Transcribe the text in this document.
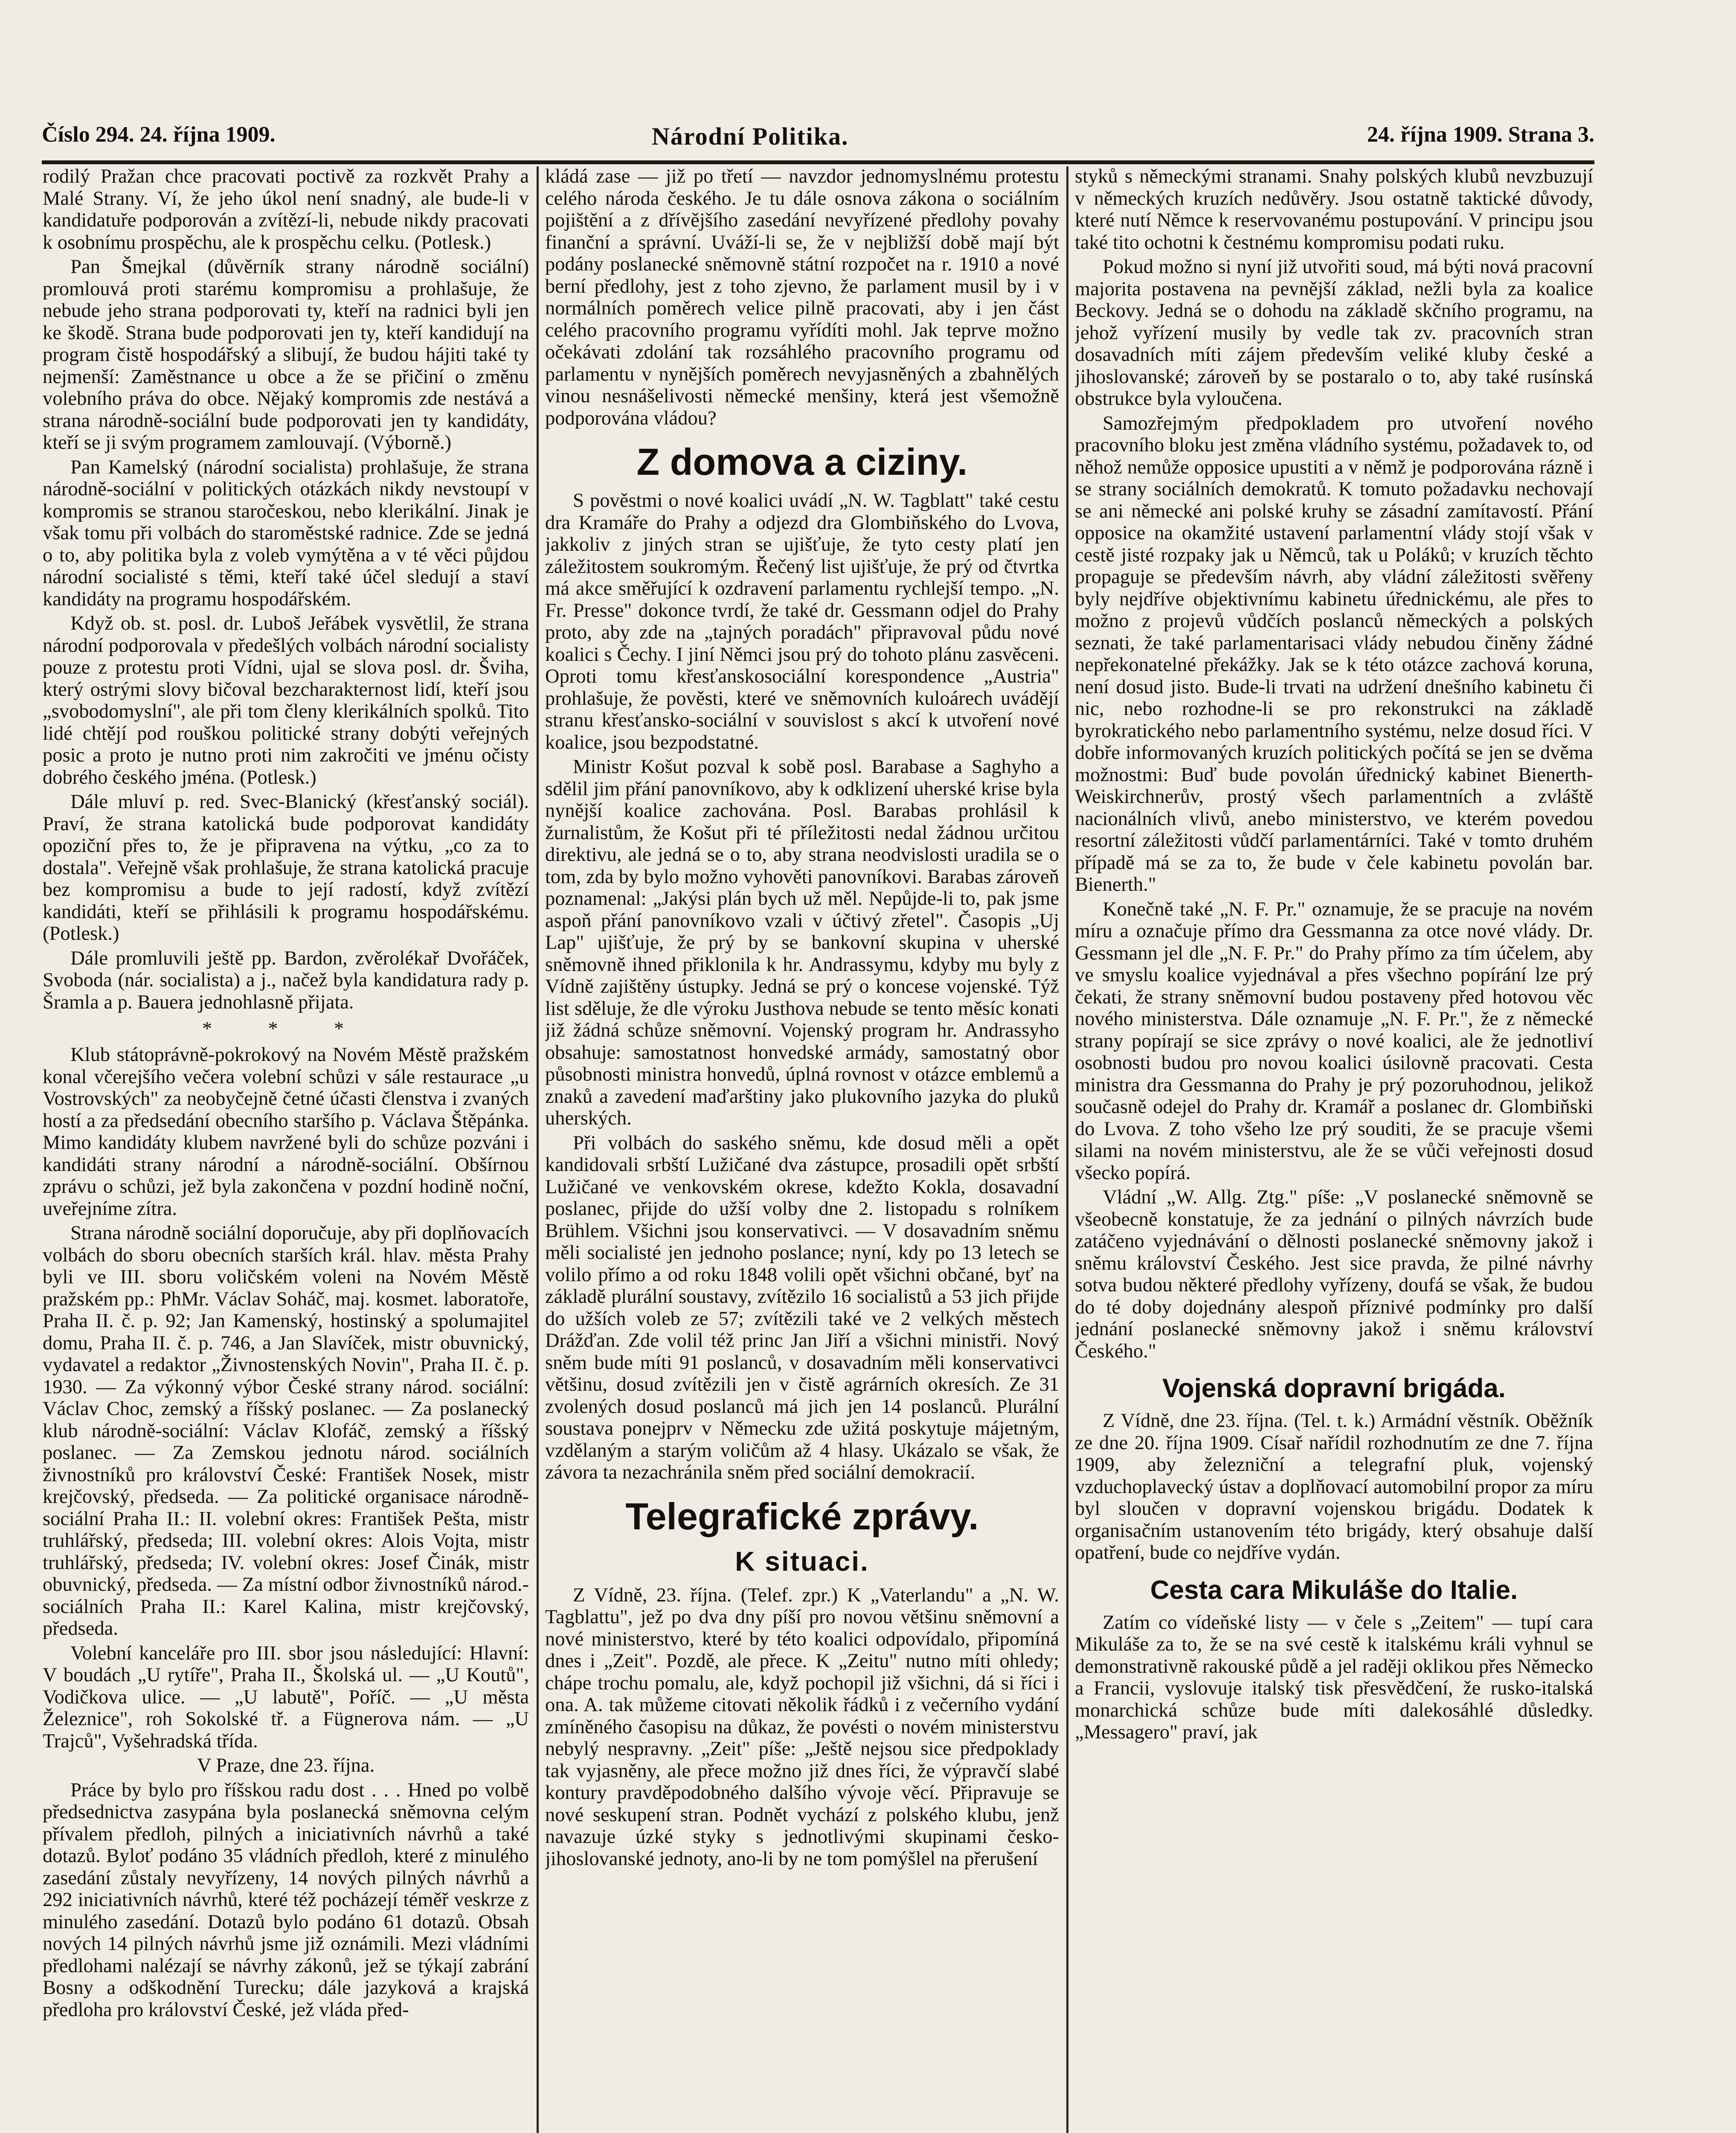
Číslo 294. 24. října 1909.	Národní Politika.	24. října 1909. Strana 3.

rodilý Pražan chce pracovati poctivě za rozkvět Prahy a Malé Strany. Ví, že jeho úkol není snadný, ale bude-li v kandidatuře podporován a zvítězí-li, nebude nikdy pracovati k osobnímu prospěchu, ale k prospěchu celku. (Potlesk.)

Pan Šmejkal (důvěrník strany národně sociální) promlouvá proti starému kompromisu a prohlašuje, že nebude jeho strana podporovati ty, kteří na radnici byli jen ke škodě. Strana bude podporovati jen ty, kteří kandidují na program čistě hospodářský a slibují, že budou hájiti také ty nejmenší: Zaměstnance u obce a že se přičiní o změnu volebního práva do obce. Nějaký kompromis zde nestává a strana národně-sociální bude podporovati jen ty kandidáty, kteří se ji svým programem zamlouvají. (Výborně.)

Pan Kamelský (národní socialista) prohlašuje, že strana národně-sociální v politických otázkách nikdy nevstoupí v kompromis se stranou staročeskou, nebo klerikální. Jinak je však tomu při volbách do staroměstské radnice. Zde se jedná o to, aby politika byla z voleb vymýtěna a v té věci půjdou národní socialisté s těmi, kteří také účel sledují a staví kandidáty na programu hospodářském.

Když ob. st. posl. dr. Luboš Jeřábek vysvětlil, že strana národní podporovala v předešlých volbách národní socialisty pouze z protestu proti Vídni, ujal se slova posl. dr. Šviha, který ostrými slovy bičoval bezcharakternost lidí, kteří jsou „svobodomyslní", ale při tom členy klerikálních spolků. Tito lidé chtějí pod rouškou politické strany dobýti veřejných posic a proto je nutno proti nim zakročiti ve jménu očisty dobrého českého jména. (Potlesk.)

Dále mluví p. red. Svec-Blanický (křesťanský sociál). Praví, že strana katolická bude podporovat kandidáty opoziční přes to, že je připravena na výtku, „co za to dostala". Veřejně však prohlašuje, že strana katolická pracuje bez kompromisu a bude to její radostí, když zvítězí kandidáti, kteří se přihlásili k programu hospodářskému. (Potlesk.)

Dále promluvili ještě pp. Bardon, zvěrolékař Dvořáček, Svoboda (nár. socialista) a j., načež byla kandidatura rady p. Šramla a p. Bauera jednohlasně přijata.

* * *

Klub státoprávně-pokrokový na Novém Městě pražském konal včerejšího večera volební schůzi v sále restaurace „u Vostrovských" za neobyčejně četné účasti členstva i zvaných hostí a za předsedání obecního staršího p. Václava Štěpánka. Mimo kandidáty klubem navržené byli do schůze pozváni i kandidáti strany národní a národně-sociální. Obšírnou zprávu o schůzi, jež byla zakončena v pozdní hodině noční, uveřejníme zítra.

Strana národně sociální doporučuje, aby při doplňovacích volbách do sboru obecních starších král. hlav. města Prahy byli ve III. sboru voličském voleni na Novém Městě pražském pp.: PhMr. Václav Soháč, maj. kosmet. laboratoře, Praha II. č. p. 92; Jan Kamenský, hostinský a spolumajitel domu, Praha II. č. p. 746, a Jan Slavíček, mistr obuvnický, vydavatel a redaktor „Živnostenských Novin", Praha II. č. p. 1930. — Za výkonný výbor České strany národ. sociální: Václav Choc, zemský a říšský poslanec. — Za poslanecký klub národně-sociální: Václav Klofáč, zemský a říšský poslanec. — Za Zemskou jednotu národ. sociálních živnostníků pro království České: František Nosek, mistr krejčovský, předseda. — Za politické organisace národně-sociální Praha II.: II. volební okres: František Pešta, mistr truhlářský, předseda; III. volební okres: Alois Vojta, mistr truhlářský, předseda; IV. volební okres: Josef Činák, mistr obuvnický, předseda. — Za místní odbor živnostníků národ.-sociálních Praha II.: Karel Kalina, mistr krejčovský, předseda.

Volební kanceláře pro III. sbor jsou následující: Hlavní: V boudách „U rytíře", Praha II., Školská ul. — „U Koutů", Vodičkova ulice. — „U labutě", Poříč. — „U města Železnice", roh Sokolské tř. a Fügnerova nám. — „U Trajců", Vyšehradská třída.

V Praze, dne 23. října.

Práce by bylo pro říšskou radu dost . . . Hned po volbě předsednictva zasypána byla poslanecká sněmovna celým přívalem předloh, pilných a iniciativních návrhů a také dotazů. Byloť podáno 35 vládních předloh, které z minulého zasedání zůstaly nevyřízeny, 14 nových pilných návrhů a 292 iniciativních návrhů, které též pocházejí téměř veskrze z minulého zasedání. Dotazů bylo podáno 61 dotazů. Obsah nových 14 pilných návrhů jsme již oznámili. Mezi vládními předlohami nalézají se návrhy zákonů, jež se týkají zabrání Bosny a odškodnění Turecku; dále jazyková a krajská předloha pro království České, jež vláda před-

kládá zase — již po třetí — navzdor jednomyslnému protestu celého národa českého. Je tu dále osnova zákona o sociálním pojištění a z dřívějšího zasedání nevyřízené předlohy povahy finanční a správní. Uváží-li se, že v nejbližší době mají být podány poslanecké sněmovně státní rozpočet na r. 1910 a nové berní předlohy, jest z toho zjevno, že parlament musil by i v normálních poměrech velice pilně pracovati, aby i jen část celého pracovního programu vyřídíti mohl. Jak teprve možno očekávati zdolání tak rozsáhlého pracovního programu od parlamentu v nynějších poměrech nevyjasněných a zbahnělých vinou nesnášelivosti německé menšiny, která jest všemožně podporována vládou?

Z domova a ciziny.

S pověstmi o nové koalici uvádí „N. W. Tagblatt" také cestu dra Kramáře do Prahy a odjezd dra Glombiňského do Lvova, jakkoliv z jiných stran se ujišťuje, že tyto cesty platí jen záležitostem soukromým. Řečený list ujišťuje, že prý od čtvrtka má akce směřující k ozdravení parlamentu rychlejší tempo. „N. Fr. Presse" dokonce tvrdí, že také dr. Gessmann odjel do Prahy proto, aby zde na „tajných poradách" připravoval půdu nové koalici s Čechy. I jiní Němci jsou prý do tohoto plánu zasvěceni. Oproti tomu křesťanskosociální korespondence „Austria" prohlašuje, že pověsti, které ve sněmovních kuloárech uvádějí stranu křesťansko-sociální v souvislost s akcí k utvoření nové koalice, jsou bezpodstatné.

Ministr Košut pozval k sobě posl. Barabase a Saghyho a sdělil jim přání panovníkovo, aby k odklizení uherské krise byla nynější koalice zachována. Posl. Barabas prohlásil k žurnalistům, že Košut při té příležitosti nedal žádnou určitou direktivu, ale jedná se o to, aby strana neodvislosti uradila se o tom, zda by bylo možno vyhověti panovníkovi. Barabas zároveň poznamenal: „Jakýsi plán bych už měl. Nepůjde-li to, pak jsme aspoň přání panovníkovo vzali v účtivý zřetel". Časopis „Uj Lap" ujišťuje, že prý by se bankovní skupina v uherské sněmovně ihned přiklonila k hr. Andrassymu, kdyby mu byly z Vídně zajištěny ústupky. Jedná se prý o koncese vojenské. Týž list sděluje, že dle výroku Justhova nebude se tento měsíc konati již žádná schůze sněmovní. Vojenský program hr. Andrassyho obsahuje: samostatnost honvedské armády, samostatný obor působnosti ministra honvedů, úplná rovnost v otázce emblemů a znaků a zavedení maďarštiny jako plukovního jazyka do pluků uherských.

Při volbách do saského sněmu, kde dosud měli a opět kandidovali srbští Lužičané dva zástupce, prosadili opět srbští Lužičané ve venkovském okrese, kdežto Kokla, dosavadní poslanec, přijde do užší volby dne 2. listopadu s rolníkem Brühlem. Všichni jsou konservativci. — V dosavadním sněmu měli socialisté jen jednoho poslance; nyní, kdy po 13 letech se volilo přímo a od roku 1848 volili opět všichni občané, byť na základě plurální soustavy, zvítězilo 16 socialistů a 53 jich přijde do užších voleb ze 57; zvítězili také ve 2 velkých městech Drážďan. Zde volil též princ Jan Jiří a všichni ministři. Nový sněm bude míti 91 poslanců, v dosavadním měli konservativci většinu, dosud zvítězili jen v čistě agrárních okresích. Ze 31 zvolených dosud poslanců má jich jen 14 poslanců. Plurální soustava ponejprv v Německu zde užitá poskytuje májetným, vzdělaným a starým voličům až 4 hlasy. Ukázalo se však, že závora ta nezachránila sněm před sociální demokracií.

Telegrafické zprávy.
K situaci.

Z Vídně, 23. října. (Telef. zpr.) K „Vaterlandu" a „N. W. Tagblattu", jež po dva dny píší pro novou většinu sněmovní a nové ministerstvo, které by této koalici odpovídalo, připomíná dnes i „Zeit". Pozdě, ale přece. K „Zeitu" nutno míti ohledy; chápe trochu pomalu, ale, když pochopil již všichni, dá si říci i ona. A. tak můžeme citovati několik řádků i z večerního vydání zmíněného časopisu na důkaz, že povésti o novém ministerstvu nebylý nespravny. „Zeit" píše: „Ještě nejsou sice předpoklady tak vyjasněny, ale přece možno již dnes říci, že výpravčí slabé kontury pravděpodobného dalšího vývoje věcí. Připravuje se nové seskupení stran. Podnět vychází z polského klubu, jenž navazuje úzké styky s jednotlivými skupinami česko-jihoslovanské jednoty, ano-li by ne tom pomýšlel na přerušení

styků s německými stranami. Snahy polských klubů nevzbuzují v německých kruzích nedůvěry. Jsou ostatně taktické důvody, které nutí Němce k reservovanému postupování. V principu jsou také tito ochotni k čestnému kompromisu podati ruku.

Pokud možno si nyní již utvořiti soud, má býti nová pracovní majorita postavena na pevnější základ, nežli byla za koalice Beckovy. Jedná se o dohodu na základě skčního programu, na jehož vyřízení musily by vedle tak zv. pracovních stran dosavadních míti zájem především veliké kluby české a jihoslovanské; zároveň by se postaralo o to, aby také rusínská obstrukce byla vyloučena.

Samozřejmým předpokladem pro utvoření nového pracovního bloku jest změna vládního systému, požadavek to, od něhož nemůže opposice upustiti a v němž je podporována rázně i se strany sociálních demokratů. K tomuto požadavku nechovají se ani německé ani polské kruhy se zásadní zamítavostí. Přání opposice na okamžité ustavení parlamentní vlády stojí však v cestě jisté rozpaky jak u Němců, tak u Poláků; v kruzích těchto propaguje se především návrh, aby vládní záležitosti svěřeny byly nejdříve objektivnímu kabinetu úřednickému, ale přes to možno z projevů vůdčích poslanců německých a polských seznati, že také parlamentarisaci vlády nebudou činěny žádné nepřekonatelné překážky. Jak se k této otázce zachová koruna, není dosud jisto. Bude-li trvati na udržení dnešního kabinetu či nic, nebo rozhodne-li se pro rekonstrukci na základě byrokratického nebo parlamentního systému, nelze dosud říci. V dobře informovaných kruzích politických počítá se jen se dvěma možnostmi: Buď bude povolán úřednický kabinet Bienerth-Weiskirchnerův, prostý všech parlamentních a zvláště nacionálních vlivů, anebo ministerstvo, ve kterém povedou resortní záležitosti vůdčí parlamentárníci. Také v tomto druhém případě má se za to, že bude v čele kabinetu povolán bar. Bienerth."

Konečně také „N. F. Pr." oznamuje, že se pracuje na novém míru a označuje přímo dra Gessmanna za otce nové vlády. Dr. Gessmann jel dle „N. F. Pr." do Prahy přímo za tím účelem, aby ve smyslu koalice vyjednával a přes všechno popírání lze prý čekati, že strany sněmovní budou postaveny před hotovou věc nového ministerstva. Dále oznamuje „N. F. Pr.", že z německé strany popírají se sice zprávy o nové koalici, ale že jednotliví osobnosti budou pro novou koalici úsilovně pracovati. Cesta ministra dra Gessmanna do Prahy je prý pozoruhodnou, jelikož současně odejel do Prahy dr. Kramář a poslanec dr. Glombiňski do Lvova. Z toho všeho lze prý souditi, že se pracuje všemi silami na novém ministerstvu, ale že se vůči veřejnosti dosud všecko popírá.

Vládní „W. Allg. Ztg." píše: „V poslanecké sněmovně se všeobecně konstatuje, že za jednání o pilných návrzích bude zatáčeno vyjednávání o dělnosti poslanecké sněmovny jakož i sněmu království Českého. Jest sice pravda, že pilné návrhy sotva budou některé předlohy vyřízeny, doufá se však, že budou do té doby dojednány alespoň příznivé podmínky pro další jednání poslanecké sněmovny jakož i sněmu království Českého."

Vojenská dopravní brigáda.

Z Vídně, dne 23. října. (Tel. t. k.) Armádní věstník. Oběžník ze dne 20. října 1909. Císař nařídil rozhodnutím ze dne 7. října 1909, aby železniční a telegrafní pluk, vojenský vzduchoplavecký ústav a doplňovací automobilní propor za míru byl sloučen v dopravní vojenskou brigádu. Dodatek k organisačním ustanovením této brigády, který obsahuje další opatření, bude co nejdříve vydán.

Cesta cara Mikuláše do Italie.

Zatím co vídeňské listy — v čele s „Zeitem" — tupí cara Mikuláše za to, že se na své cestě k italskému králi vyhnul se demonstrativně rakouské půdě a jel raději oklikou přes Německo a Francii, vyslovuje italský tisk přesvědčení, že rusko-italská monarchická schůze bude míti dalekosáhlé důsledky. „Messagero" praví, jak
